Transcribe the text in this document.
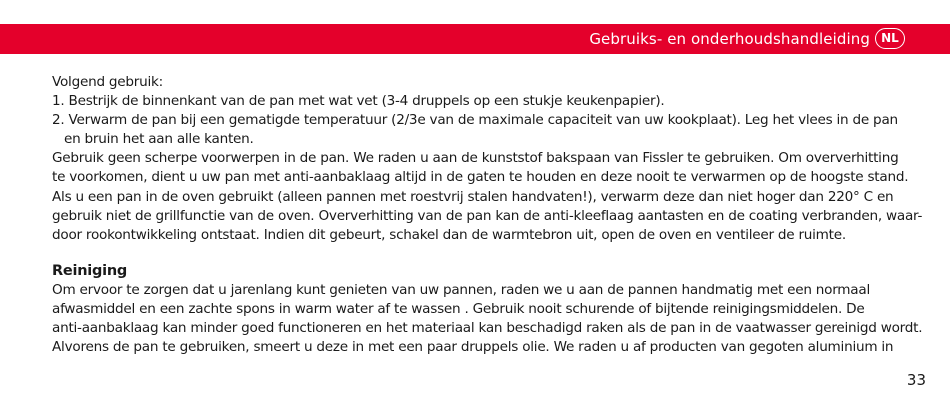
Gebruiks- en onderhoudshandleiding NL
Volgend gebruik:
1. Bestrijk de binnenkant van de pan met wat vet (3-4 druppels op een stukje keukenpapier).
2. Verwarm de pan bij een gematigde temperatuur (2/3e van de maximale capaciteit van uw kookplaat). Leg het vlees in de pan
en bruin het aan alle kanten.
Gebruik geen scherpe voorwerpen in de pan. We raden u aan de kunststof bakspaan van Fissler te gebruiken. Om oververhitting
te voorkomen, dient u uw pan met anti-aanbaklaag altijd in de gaten te houden en deze nooit te verwarmen op de hoogste stand.
Als u een pan in de oven gebruikt (alleen pannen met roestvrij stalen handvaten!), verwarm deze dan niet hoger dan 220° C en
gebruik niet de grillfunctie van de oven. Oververhitting van de pan kan de anti-kleeflaag aantasten en de coating verbranden, waar-
door rookontwikkeling ontstaat. Indien dit gebeurt, schakel dan de warmtebron uit, open de oven en ventileer de ruimte.
Reiniging
Om ervoor te zorgen dat u jarenlang kunt genieten van uw pannen, raden we u aan de pannen handmatig met een normaal
afwasmiddel en een zachte spons in warm water af te wassen . Gebruik nooit schurende of bijtende reinigingsmiddelen. De
anti-aanbaklaag kan minder goed functioneren en het materiaal kan beschadigd raken als de pan in de vaatwasser gereinigd wordt.
Alvorens de pan te gebruiken, smeert u deze in met een paar druppels olie. We raden u af producten van gegoten aluminium in
33
